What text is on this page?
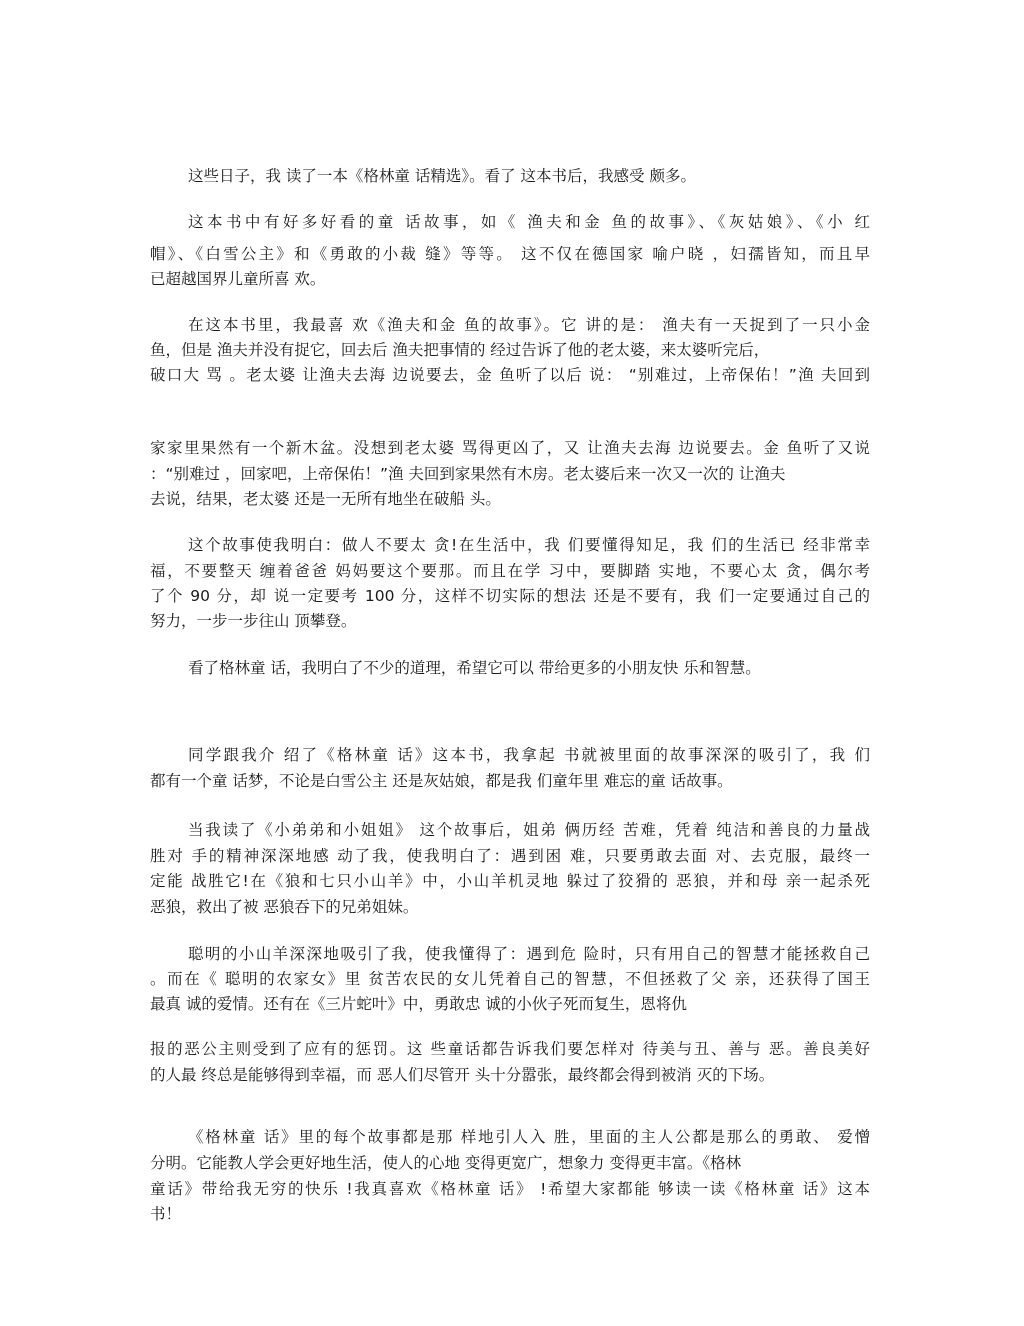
这些日子，我 读了一本《格林童 话精选》。看了 这本书后，我感受 颇多。
这本书中有好多好看的童 话故事，如《 渔夫和金 鱼的故事》、《灰姑娘》、《小 红
帽》、《白雪公主》和《勇敢的小裁 缝》等等。 这不仅在德国家 喻户晓 ，妇孺皆知，而且早
已超越国界儿童所喜 欢。
在这本书里，我最喜 欢《渔夫和金 鱼的故事》。它 讲的是： 渔夫有一天捉到了一只小金
鱼，但是 渔夫并没有捉它，回去后 渔夫把事情的 经过告诉了他的老太婆，来太婆听完后，
破口大 骂 。老太婆 让渔夫去海 边说要去，金 鱼听了以后 说： “别难过，上帝保佑！”渔 夫回到
家家里果然有一个新木盆。没想到老太婆 骂得更凶了，又 让渔夫去海 边说要去。金 鱼听了又说
：“别难过 ，回家吧，上帝保佑！”渔 夫回到家果然有木房。老太婆后来一次又一次的 让渔夫
去说，结果，老太婆 还是一无所有地坐在破船 头。
这个故事使我明白：做人不要太 贪!在生活中，我 们要懂得知足，我 们的生活已 经非常幸
福，不要整天 缠着爸爸 妈妈要这个要那。而且在学 习中，要脚踏 实地，不要心太 贪，偶尔考
了个 90 分，却 说一定要考 100 分，这样不切实际的想法 还是不要有，我 们一定要通过自己的
努力，一步一步往山 顶攀登。
看了格林童 话，我明白了不少的道理，希望它可以 带给更多的小朋友快 乐和智慧。
同学跟我介 绍了《格林童 话》这本书，我拿起 书就被里面的故事深深的吸引了，我 们
都有一个童 话梦，不论是白雪公主 还是灰姑娘，都是我 们童年里 难忘的童 话故事。
当我读了《小弟弟和小姐姐》 这个故事后，姐弟 俩历经 苦难，凭着 纯洁和善良的力量战
胜对 手的精神深深地感 动了我，使我明白了：遇到困 难，只要勇敢去面 对、去克服，最终一
定能 战胜它!在《狼和七只小山羊》中，小山羊机灵地 躲过了狡猾的 恶狼，并和母 亲一起杀死
恶狼，救出了被 恶狼吞下的兄弟姐妹。
聪明的小山羊深深地吸引了我，使我懂得了：遇到危 险时，只有用自己的智慧才能拯救自己
。而在《 聪明的农家女》里 贫苦农民的女儿凭着自己的智慧，不但拯救了父 亲，还获得了国王
最真 诚的爱情。还有在《三片蛇叶》中，勇敢忠 诚的小伙子死而复生，恩将仇
报的恶公主则受到了应有的惩罚。这 些童话都告诉我们要怎样对 待美与丑、善与 恶。善良美好
的人最 终总是能够得到幸福，而 恶人们尽管开 头十分嚣张，最终都会得到被消 灭的下场。
《格林童 话》里的每个故事都是那 样地引人入 胜，里面的主人公都是那么的勇敢、 爱憎
分明。它能教人学会更好地生活，使人的心地 变得更宽广，想象力 变得更丰富。《格林
童话》带给我无穷的快乐 !我真喜欢《格林童 话》 !希望大家都能 够读一读《格林童 话》这本
书！
